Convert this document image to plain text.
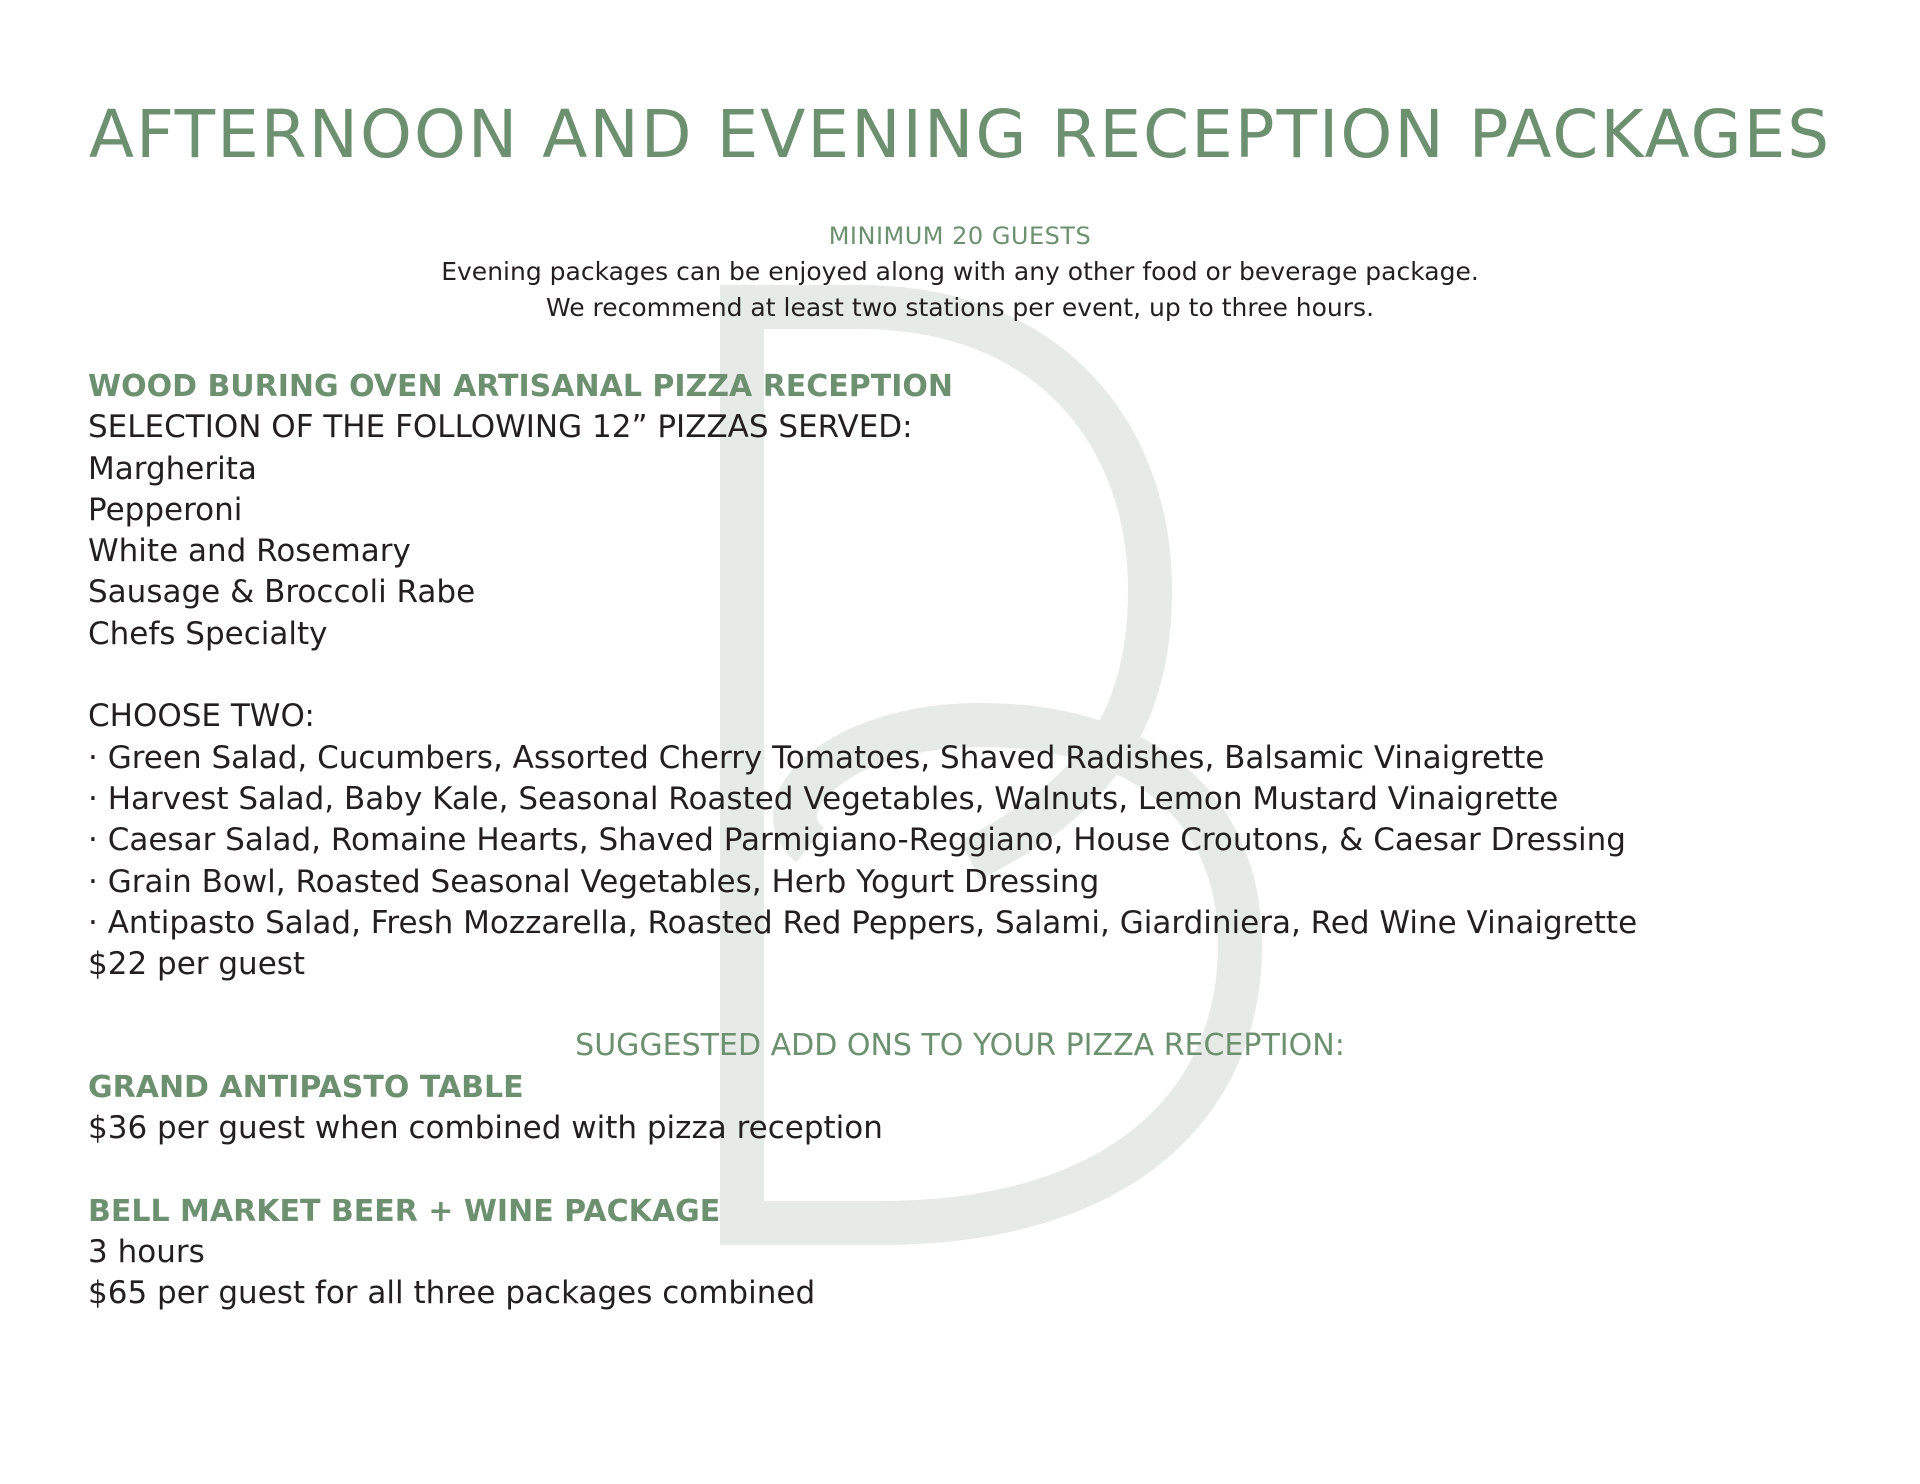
AFTERNOON AND EVENING RECEPTION PACKAGES
MINIMUM 20 GUESTS
Evening packages can be enjoyed along with any other food or beverage package.
We recommend at least two stations per event, up to three hours.
WOOD BURING OVEN ARTISANAL PIZZA RECEPTION
SELECTION OF THE FOLLOWING 12” PIZZAS SERVED:
Margherita
Pepperoni
White and Rosemary
Sausage & Broccoli Rabe
Chefs Specialty
CHOOSE TWO:
· Green Salad, Cucumbers, Assorted Cherry Tomatoes, Shaved Radishes, Balsamic Vinaigrette
· Harvest Salad, Baby Kale, Seasonal Roasted Vegetables, Walnuts, Lemon Mustard Vinaigrette
· Caesar Salad, Romaine Hearts, Shaved Parmigiano-Reggiano, House Croutons, & Caesar Dressing
· Grain Bowl, Roasted Seasonal Vegetables, Herb Yogurt Dressing
· Antipasto Salad, Fresh Mozzarella, Roasted Red Peppers, Salami, Giardiniera, Red Wine Vinaigrette
$22 per guest
SUGGESTED ADD ONS TO YOUR PIZZA RECEPTION:
GRAND ANTIPASTO TABLE
$36 per guest when combined with pizza reception
BELL MARKET BEER + WINE PACKAGE
3 hours
$65 per guest for all three packages combined
